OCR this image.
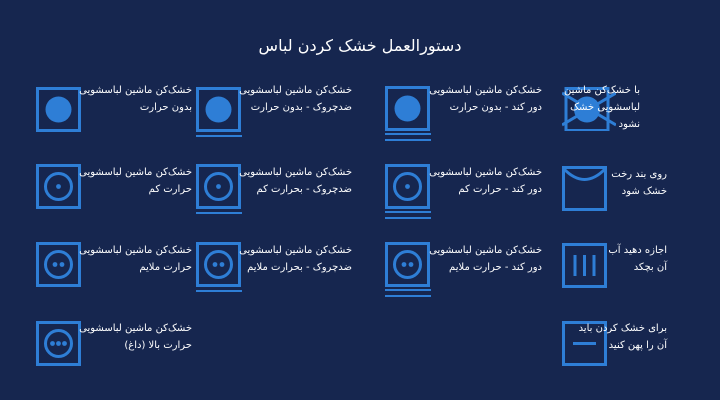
دستورالعمل خشک کردن لباس
با خشک‌کن ماشین
لباسشویی خشک
نشود
روی بند رخت
خشک شود
اجازه دهید آب
آن بچکد
برای خشک کردن باید
آن را پهن کنید
خشک‌کن ماشین لباسشویی
دور کند - بدون حرارت
خشک‌کن ماشین لباسشویی
دور کند - حرارت کم
خشک‌کن ماشین لباسشویی
دور کند - حرارت ملایم
خشک‌کن ماشین لباسشویی
ضدچروک - بدون حرارت
خشک‌کن ماشین لباسشویی
ضدچروک - بحرارت کم
خشک‌کن ماشین لباسشویی
ضدچروک - بحرارت ملایم
خشک‌کن ماشین لباسشویی
بدون حرارت
خشک‌کن ماشین لباسشویی
حرارت کم
خشک‌کن ماشین لباسشویی
حرارت ملایم
خشک‌کن ماشین لباسشویی
حرارت بالا (داغ)
